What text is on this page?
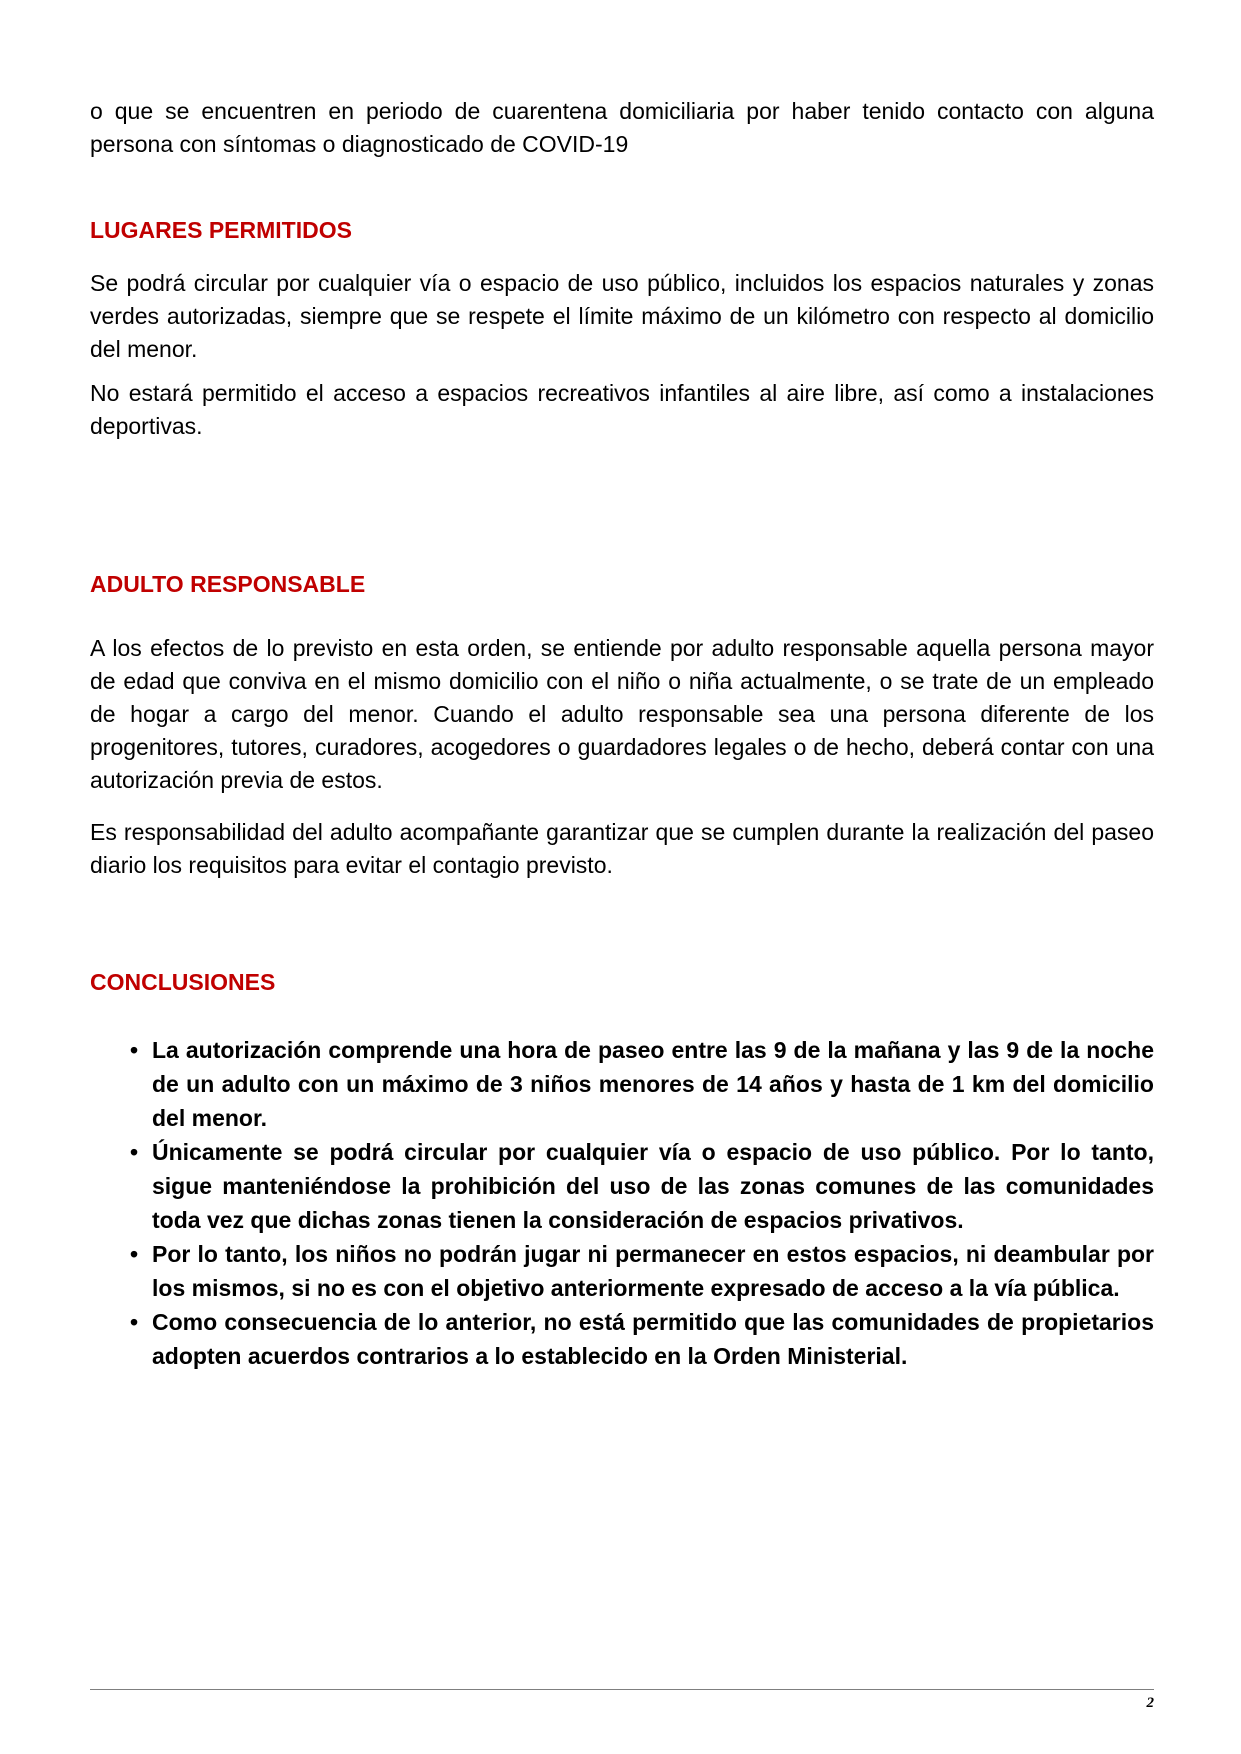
o que se encuentren en periodo de cuarentena domiciliaria por haber tenido contacto con alguna persona con síntomas o diagnosticado de COVID-19

LUGARES PERMITIDOS

Se podrá circular por cualquier vía o espacio de uso público, incluidos los espacios naturales y zonas verdes autorizadas, siempre que se respete el límite máximo de un kilómetro con respecto al domicilio del menor.

No estará permitido el acceso a espacios recreativos infantiles al aire libre, así como a instalaciones deportivas.

ADULTO RESPONSABLE

A los efectos de lo previsto en esta orden, se entiende por adulto responsable aquella persona mayor de edad que conviva en el mismo domicilio con el niño o niña actualmente, o se trate de un empleado de hogar a cargo del menor. Cuando el adulto responsable sea una persona diferente de los progenitores, tutores, curadores, acogedores o guardadores legales o de hecho, deberá contar con una autorización previa de estos.

Es responsabilidad del adulto acompañante garantizar que se cumplen durante la realización del paseo diario los requisitos para evitar el contagio previsto.

CONCLUSIONES
• La autorización comprende una hora de paseo entre las 9 de la mañana y las 9 de la noche de un adulto con un máximo de 3 niños menores de 14 años y hasta de 1 km del domicilio del menor.
• Únicamente se podrá circular por cualquier vía o espacio de uso público. Por lo tanto, sigue manteniéndose la prohibición del uso de las zonas comunes de las comunidades toda vez que dichas zonas tienen la consideración de espacios privativos.
• Por lo tanto, los niños no podrán jugar ni permanecer en estos espacios, ni deambular por los mismos, si no es con el objetivo anteriormente expresado de acceso a la vía pública.
• Como consecuencia de lo anterior, no está permitido que las comunidades de propietarios adopten acuerdos contrarios a lo establecido en la Orden Ministerial.
2
